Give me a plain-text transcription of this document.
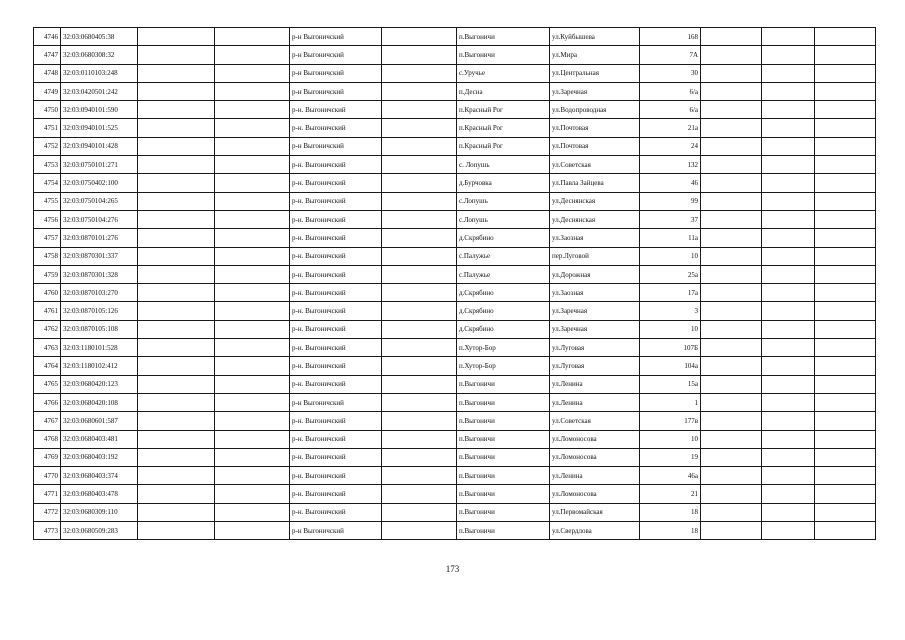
4746	32:03:0680405:38			р-н Выгоничский		п.Выгоничи	ул.Куйбышева	168			
4747	32:03:0680308:32			р-н Выгоничский		п.Выгоничи	ул.Мира	7А			
4748	32:03:0110103:248			р-н Выгоничский		с.Уручье	ул.Центральная	30			
4749	32:03:0420501:242			р-н Выгоничский		п.Десна	ул.Заречная	6/а			
4750	32:03:0940101:590			р-н. Выгоничский		п.Красный Рог	ул.Водопроводная	6/а			
4751	32:03:0940101:525			р-н. Выгоничский		п.Красный Рог	ул.Почтовая	21а			
4752	32:03:0940101:428			р-н Выгоничский		п.Красный Рог	ул.Почтовая	24			
4753	32:03:0750101:271			р-н. Выгоничский		с. Лопушь	ул.Советская	132			
4754	32:03:0750402:100			р-н. Выгоничский		д.Бурчовка	ул.Павла Зайцева	46			
4755	32:03:0750104:265			р-н. Выгоничский		с.Лопушь	ул.Деснянская	99			
4756	32:03:0750104:276			р-н. Выгоничский		с.Лопушь	ул.Деснянская	37			
4757	32:03:0870101:276			р-н. Выгоничский		д.Скрябино	ул.Заозная	11а			
4758	32:03:0870301:337			р-н. Выгоничский		с.Палужье	пер.Луговой	10			
4759	32:03:0870301:328			р-н. Выгоничский		с.Палужье	ул.Дорожная	25а			
4760	32:03:0870103:270			р-н. Выгоничский		д.Скрябино	ул.Заозная	17а			
4761	32:03:0870105:126			р-н. Выгоничский		д.Скрябино	ул.Заречная	3			
4762	32:03:0870105:108			р-н. Выгоничский		д.Скрябино	ул.Заречная	10			
4763	32:03:1180101:528			р-н. Выгоничский		п.Хутор-Бор	ул.Луговая	107Б			
4764	32:03:1180102:412			р-н. Выгоничский		п.Хутор-Бор	ул.Луговая	104а			
4765	32:03:0680420:123			р-н. Выгоничский		п.Выгоничи	ул.Ленина	15а			
4766	32:03:0680420:108			р-н Выгоничский		п.Выгоничи	ул.Ленина	1			
4767	32:03:0680601:587			р-н. Выгоничский		п.Выгоничи	ул.Советская	177в			
4768	32:03:0680403:481			р-н. Выгоничский		п.Выгоничи	ул.Ломоносова	10			
4769	32:03:0680403:192			р-н. Выгоничский		п.Выгоничи	ул.Ломоносова	19			
4770	32:03:0680403:374			р-н. Выгоничский		п.Выгоничи	ул.Ленина	46а			
4771	32:03:0680403:478			р-н. Выгоничский		п.Выгоничи	ул.Ломоносова	21			
4772	32:03:0680309:110			р-н. Выгоничский		п.Выгоничи	ул.Первомайская	18			
4773	32:03:0680509:283			р-н Выгоничский		п.Выгоничи	ул.Свердлова	18			
173
